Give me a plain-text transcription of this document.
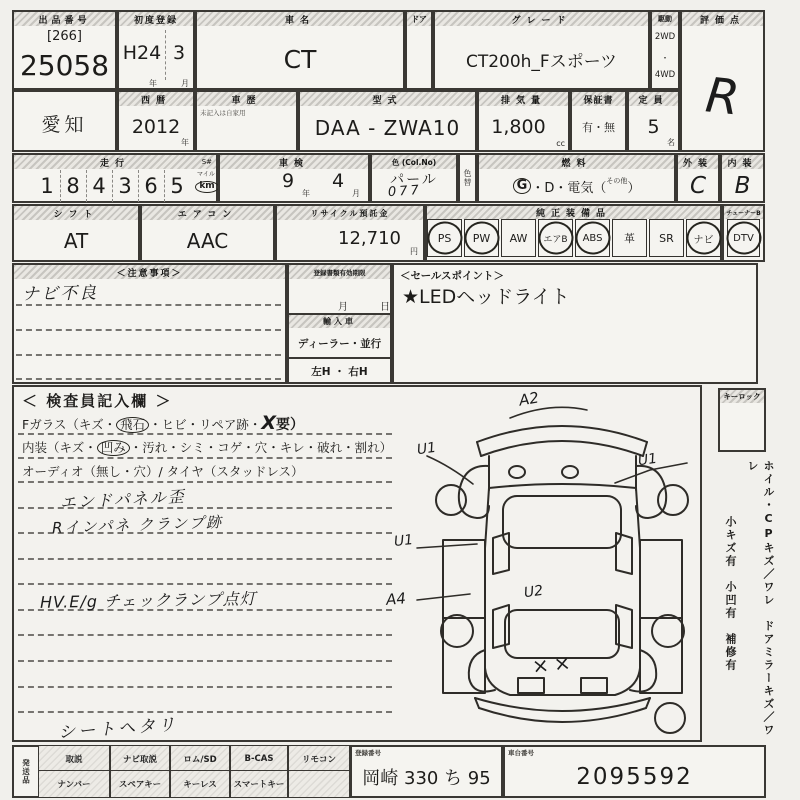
出品番号
[266]
25058
初度登録
H24 3
年	月
車名
CT
ドア	グレード
CT200h_Fスポーツ
駆動
2WD
・
4WD
評価点
R
愛知
西暦
2012
年
車歴
未記入は自家用
型式
DAA - ZWA10
排気量
1,800
cc
保証書
有・無
定員
5
名
走行	S#
1 8 4 3 6 5	マイル
km
車検
9
年
4
月
色 (Col.No)
パール
077
色替
燃料
G ・D・電気（ その他 ）
外装
C
内装
B
シフト
AT
エアコン
AAC
リサイクル預託金
12,710
円
純正装備品
PS PW AW エアB ABS 革 SR ナビ
チューナーB
DTV
＜注意事項＞
ナビ不良
登録書類有効期限
月	日
輸入車
ディーラー・並行
左H ・ 右H
＜セールスポイント＞
★LEDヘッドライト
＜ 検査員記入欄 ＞
Fガラス（キズ・ 飛石 ・ヒビ・リペア跡・X要）
内装（キズ・ 凹み ・汚れ・シミ・コゲ・穴・キレ・破れ・割れ）
オーディオ（無し・穴）/ タイヤ（スタッドレス）
エンドパネル歪
Rインパネ クランプ跡
HV.E/g チェックランプ点灯
シートヘタリ
A2
U1
U1
U1
A4	U2
××
キーロック
ホイル・CPキズ／ワレ　ドアミラーキズ／ワレ
小キズ有　小凹有　補修有
発送品	取説	ナビ取説	ロム/SD	B-CAS	リモコン
ナンバー	スペアキー	キーレス	スマートキー
登録番号
岡崎 330 ち 95
車台番号
2095592
